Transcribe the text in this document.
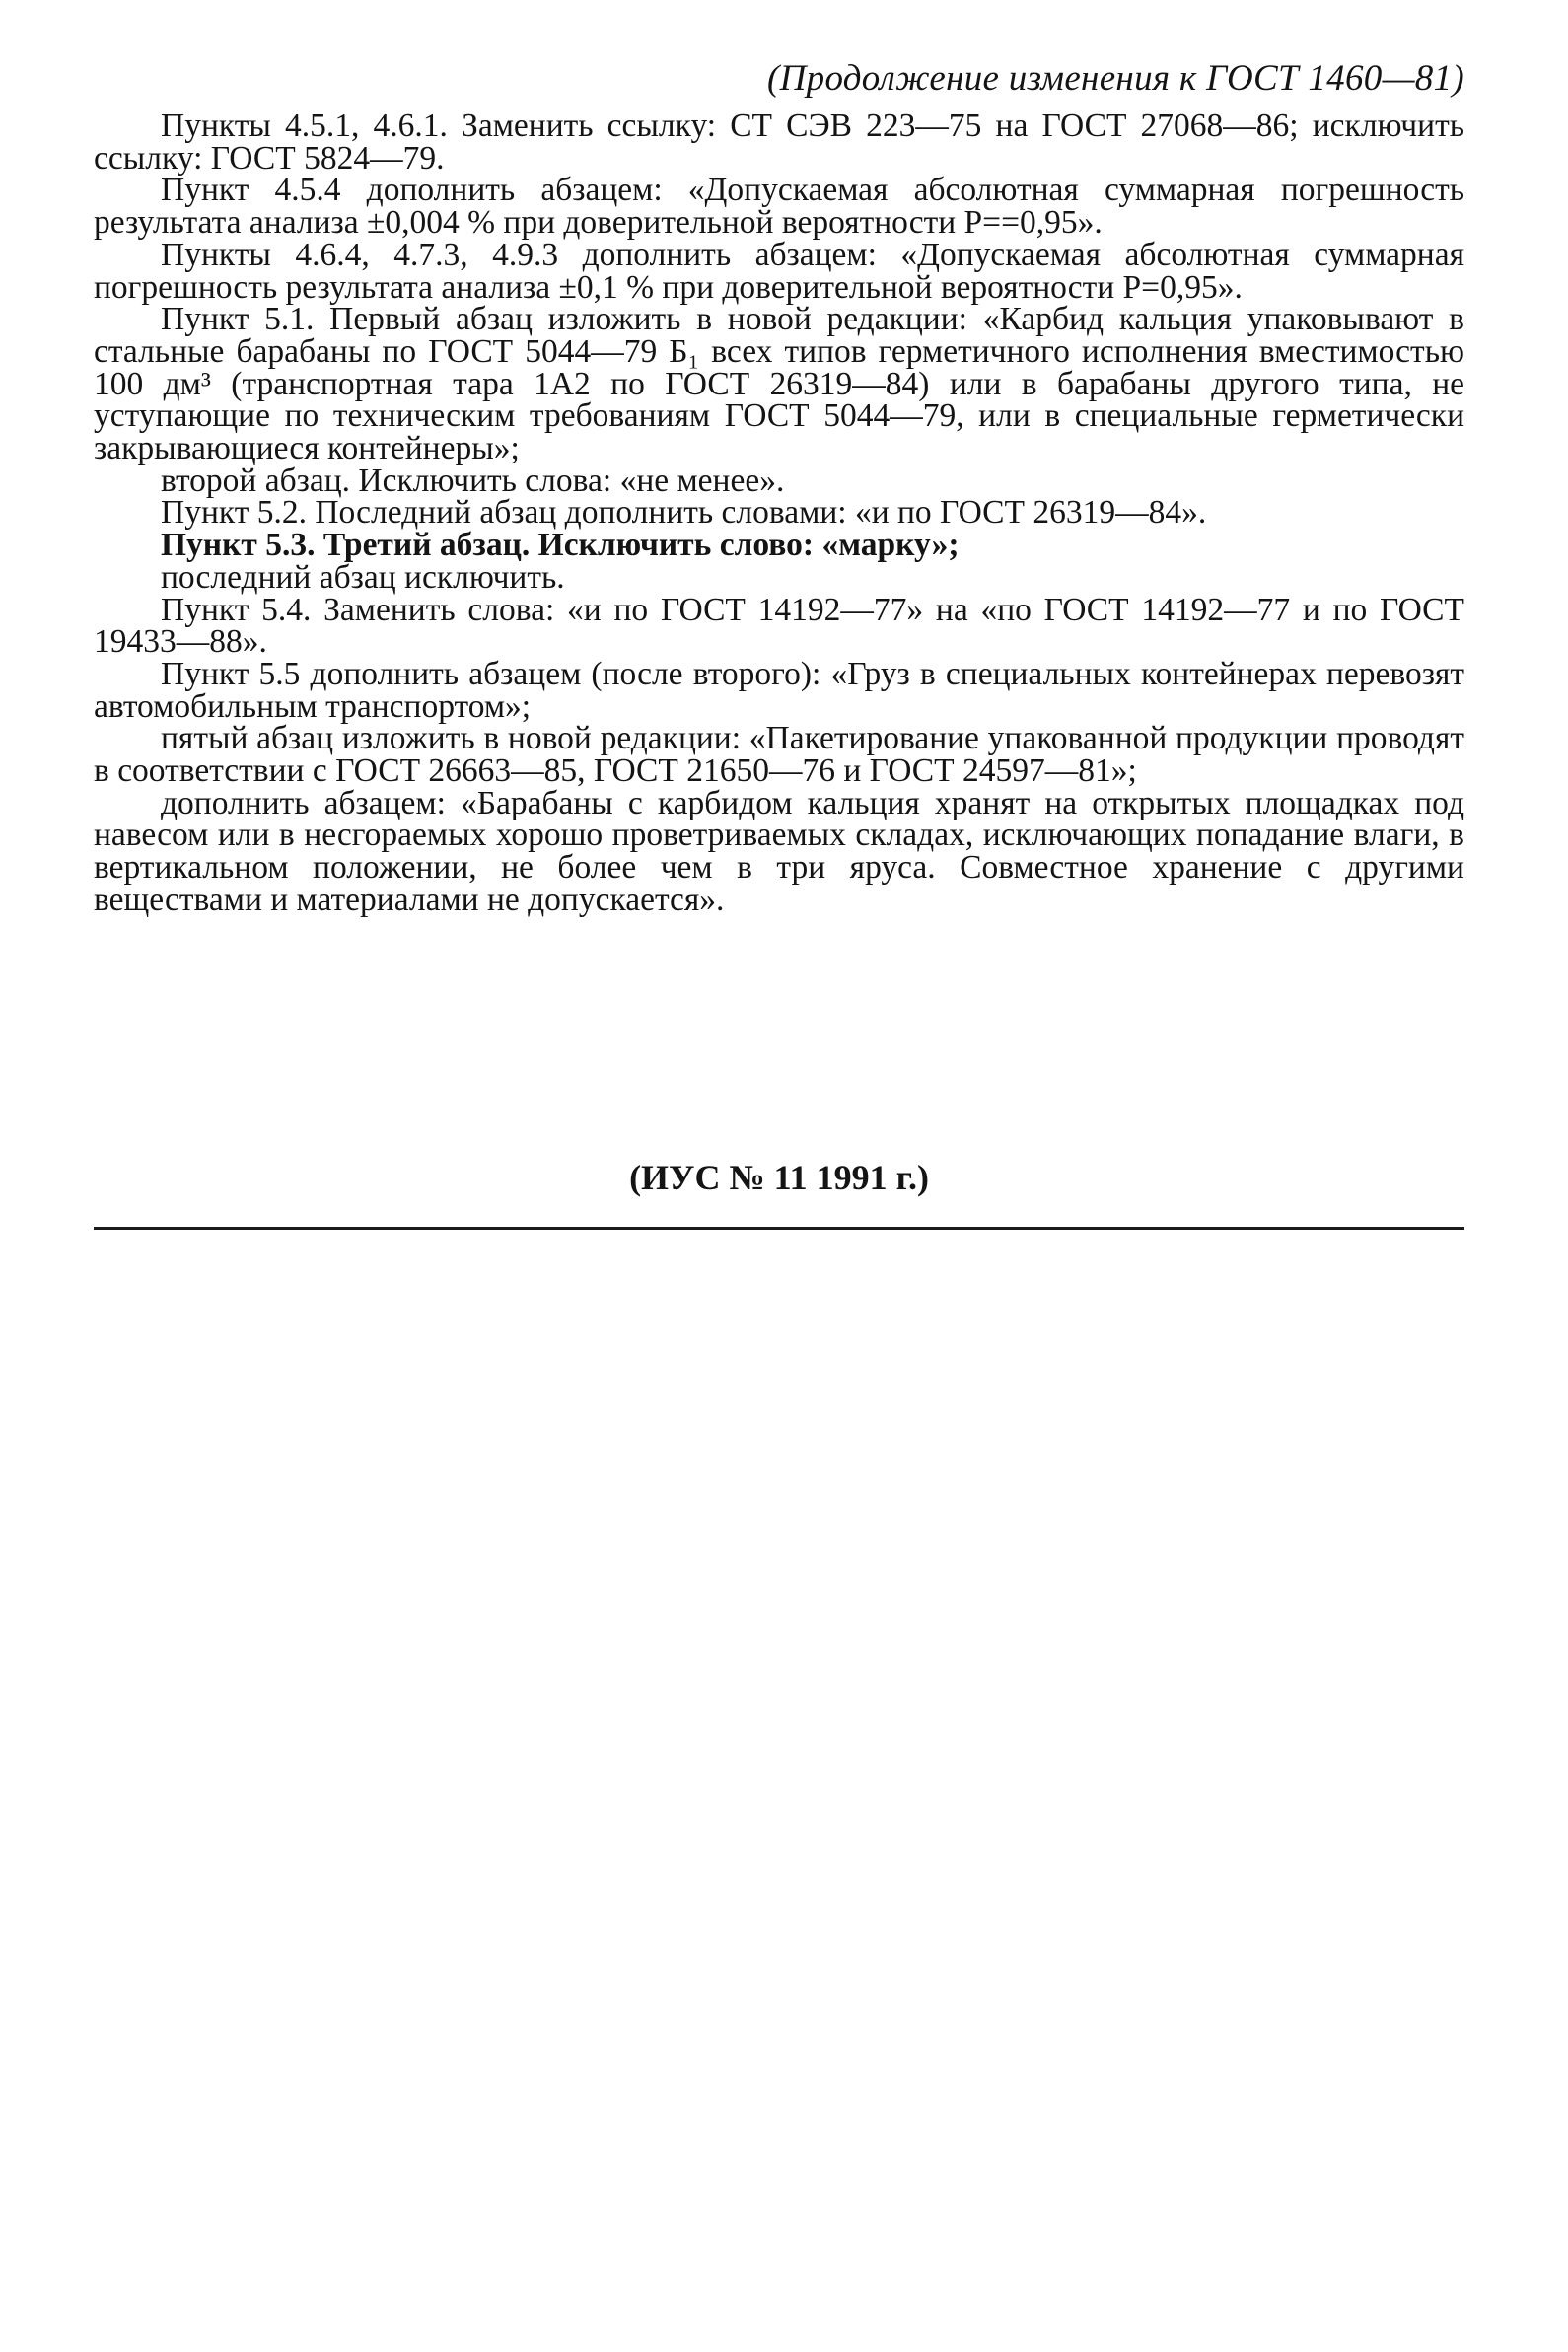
(Продолжение изменения к ГОСТ 1460—81)

Пункты 4.5.1, 4.6.1. Заменить ссылку: СТ СЭВ 223—75 на ГОСТ 27068—86; исключить ссылку: ГОСТ 5824—79.

Пункт 4.5.4 дополнить абзацем: «Допускаемая абсолютная суммарная погрешность результата анализа ±0,004 % при доверительной вероятности P==0,95».

Пункты 4.6.4, 4.7.3, 4.9.3 дополнить абзацем: «Допускаемая абсолютная суммарная погрешность результата анализа ±0,1 % при доверительной вероятности P=0,95».

Пункт 5.1. Первый абзац изложить в новой редакции: «Карбид кальция упаковывают в стальные барабаны по ГОСТ 5044—79 Б₁ всех типов герметичного исполнения вместимостью 100 дм³ (транспортная тара 1А2 по ГОСТ 26319—84) или в барабаны другого типа, не уступающие по техническим требованиям ГОСТ 5044—79, или в специальные герметически закрывающиеся контейнеры»;

второй абзац. Исключить слова: «не менее».

Пункт 5.2. Последний абзац дополнить словами: «и по ГОСТ 26319—84».

Пункт 5.3. Третий абзац. Исключить слово: «марку»;

последний абзац исключить.

Пункт 5.4. Заменить слова: «и по ГОСТ 14192—77» на «по ГОСТ 14192—77 и по ГОСТ 19433—88».

Пункт 5.5 дополнить абзацем (после второго): «Груз в специальных контейнерах перевозят автомобильным транспортом»;

пятый абзац изложить в новой редакции: «Пакетирование упакованной продукции проводят в соответствии с ГОСТ 26663—85, ГОСТ 21650—76 и ГОСТ 24597—81»;

дополнить абзацем: «Барабаны с карбидом кальция хранят на открытых площадках под навесом или в несгораемых хорошо проветриваемых складах, исключающих попадание влаги, в вертикальном положении, не более чем в три яруса. Совместное хранение с другими веществами и материалами не допускается».

(ИУС № 11 1991 г.)
